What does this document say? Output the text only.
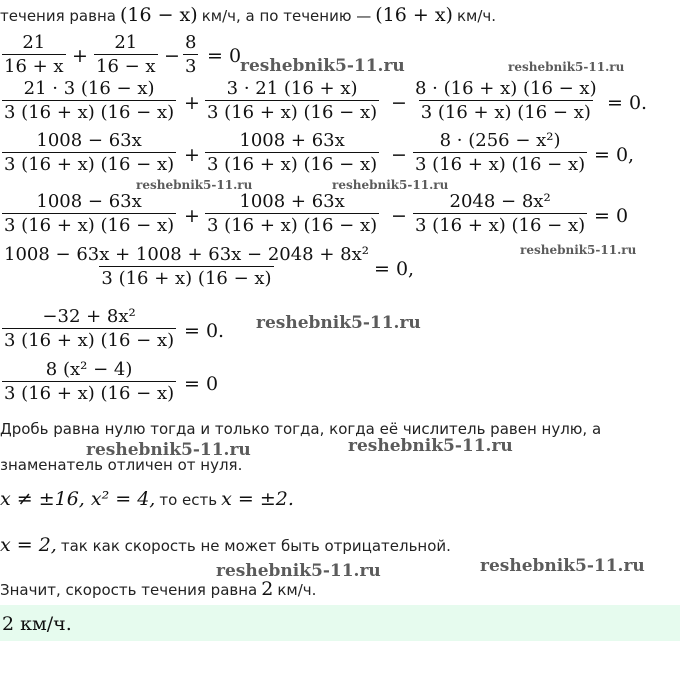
течения равна (16 − x) км/ч, а по течению — (16 + x) км/ч.
$\frac{21}{16 + x} + \frac{21}{16 - x} - \frac{8}{3} = 0$
$\frac{21 \cdot 3 (16 - x)}{3 (16 + x) (16 - x)} + \frac{3 \cdot 21 (16 + x)}{3 (16 + x) (16 - x)} - \frac{8 \cdot (16 + x) (16 - x)}{3 (16 + x) (16 - x)} = 0$.
$\frac{1008 - 63x}{3 (16 + x) (16 - x)} + \frac{1008 + 63x}{3 (16 + x) (16 - x)} - \frac{\text{8 · (256 − x²)}}{3 (16 + x) (16 - x)} = 0$,
$\frac{1008 - 63x}{3 (16 + x) (16 - x)} + \frac{1008 + 63x}{3 (16 + x) (16 - x)} - \frac{\text{2048 − 8x²}}{3 (16 + x) (16 - x)} = 0$
$\frac{\text{1008 − 63x + 1008 + 63x − 2048 + 8x²}}{3 (16 + x) (16 - x)} = 0$,
$\frac{\text{−32 + 8x²}}{3 (16 + x) (16 - x)} = 0$.
$\frac{\text{8 (x² − 4)}}{3 (16 + x) (16 - x)} = 0$
Дробь равна нулю тогда и только тогда, когда её числитель равен нулю, а
знаменатель отличен от нуля.
x ≠ ±16, x² = 4, то есть x = ±2.
x = 2, так как скорость не может быть отрицательной.
Значит, скорость течения равна 2 км/ч.
2 км/ч.
reshebnik5-11.ru	reshebnik5-11.ru
reshebnik5-11.ru	reshebnik5-11.ru
reshebnik5-11.ru
reshebnik5-11.ru
reshebnik5-11.ru	reshebnik5-11.ru
reshebnik5-11.ru	reshebnik5-11.ru
